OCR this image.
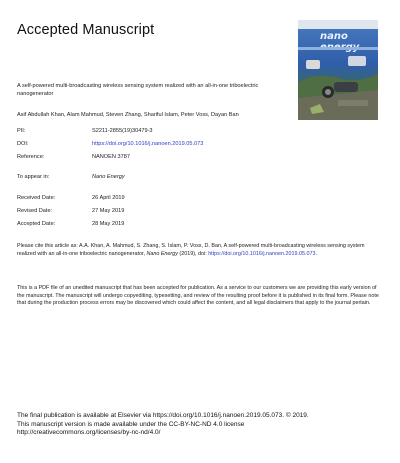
Accepted Manuscript	nano
A self-powered multi-broadcasting wireless sensing system realized with an all-in-one triboelectric nanogenerator
Asif Abdullah Khan, Alam Mahmud, Steven Zhang, Shariful Islam, Peter Voss, Dayan Ban
PII:	S2211-2855(19)30479-3
DOI:	https://doi.org/10.1016/j.nanoen.2019.05.073
Reference:	NANOEN 3787
To appear in:	Nano Energy
Received Date:	26 April 2019
Revised Date:	27 May 2019
Accepted Date:	28 May 2019
Please cite this article as: A.A. Khan, A. Mahmud, S. Zhang, S. Islam, P. Voss, D. Ban, A self-powered multi-broadcasting wireless sensing system realized with an all-in-one triboelectric nanogenerator, Nano Energy (2019), doi: https://doi.org/10.1016/j.nanoen.2019.05.073.
This is a PDF file of an unedited manuscript that has been accepted for publication. As a service to our customers we are providing this early version of the manuscript. The manuscript will undergo copyediting, typesetting, and review of the resulting proof before it is published in its final form. Please note that during the production process errors may be discovered which could affect the content, and all legal disclaimers that apply to the journal pertain.
The final publication is available at Elsevier via https://doi.org/10.1016/j.nanoen.2019.05.073. © 2019.
This manuscript version is made available under the CC-BY-NC-ND 4.0 license
http://creativecommons.org/licenses/by-nc-nd/4.0/
